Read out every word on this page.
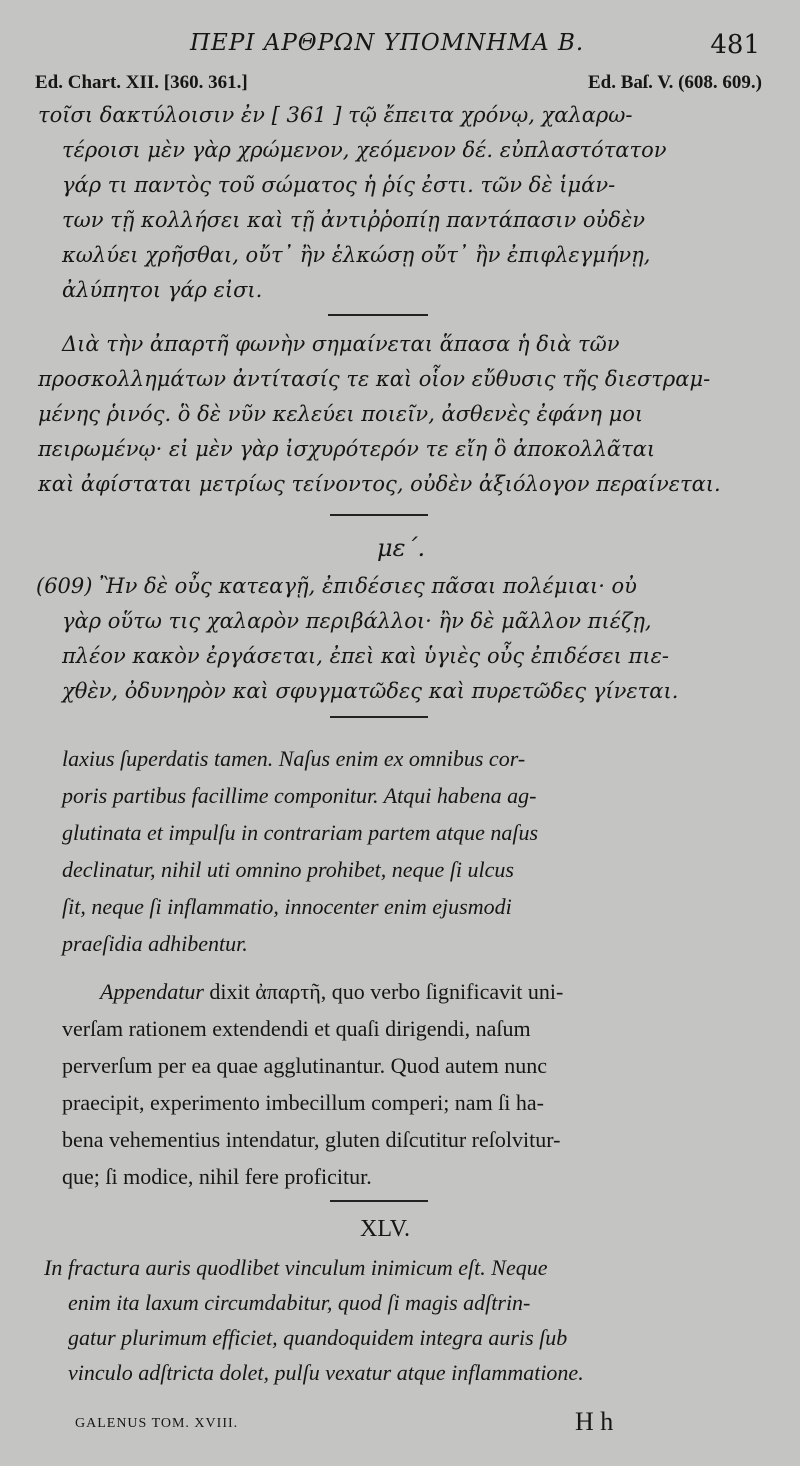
ΠΕΡΙ ΑΡΘΡΩΝ ΥΠΟΜΝΗΜΑ Β.	481
Ed. Chart. XII. [360. 361.]	Ed. Baſ. V. (608. 609.)
τοῖσι δακτύλοισιν ἐν [ 361 ] τῷ ἔπειτα χρόνῳ, χαλαρω-
τέροισι μὲν γὰρ χρώμενον, χεόμενον δέ. εὐπλαστότατον
γάρ τι παντὸς τοῦ σώματος ἡ ῥίς ἐστι. τῶν δὲ ἱμάν-
των τῇ κολλήσει καὶ τῇ ἀντιῤῥοπίῃ παντάπασιν οὐδὲν
κωλύει χρῆσθαι, οὔτ᾽ ἢν ἑλκώσῃ οὔτ᾽ ἢν ἐπιφλεγμήνῃ,
ἀλύπητοι γάρ εἰσι.
Διὰ τὴν ἀπαρτῆ φωνὴν σημαίνεται ἅπασα ἡ διὰ τῶν
προσκολλημάτων ἀντίτασίς τε καὶ οἷον εὔθυσις τῆς διεστραμ-
μένης ῥινός. ὃ δὲ νῦν κελεύει ποιεῖν, ἀσθενὲς ἐφάνη μοι
πειρωμένῳ· εἰ μὲν γὰρ ἰσχυρότερόν τε εἴη ὃ ἀποκολλᾶται
καὶ ἀφίσταται μετρίως τείνοντος, οὐδὲν ἀξιόλογον περαίνεται.
με΄.
(609) Ἢν δὲ οὖς κατεαγῇ, ἐπιδέσιες πᾶσαι πολέμιαι· οὐ
γὰρ οὕτω τις χαλαρὸν περιβάλλοι· ἢν δὲ μᾶλλον πιέζῃ,
πλέον κακὸν ἐργάσεται, ἐπεὶ καὶ ὑγιὲς οὖς ἐπιδέσει πιε-
χθὲν, ὀδυνηρὸν καὶ σφυγματῶδες καὶ πυρετῶδες γίνεται.
laxius ſuperdatis tamen. Naſus enim ex omnibus cor-
poris partibus facillime componitur. Atqui habena ag-
glutinata et impulſu in contrariam partem atque naſus
declinatur, nihil uti omnino prohibet, neque ſi ulcus
ſit, neque ſi inflammatio, innocenter enim ejusmodi
praeſidia adhibentur.
Appendatur dixit ἀπαρτῆ, quo verbo ſignificavit uni-
verſam rationem extendendi et quaſi dirigendi, naſum
perverſum per ea quae agglutinantur. Quod autem nunc
praecipit, experimento imbecillum comperi; nam ſi ha-
bena vehementius intendatur, gluten diſcutitur reſolvitur-
que; ſi modice, nihil fere proficitur.
XLV.
In fractura auris quodlibet vinculum inimicum eſt. Neque
enim ita laxum circumdabitur, quod ſi magis adſtrin-
gatur plurimum efficiet, quandoquidem integra auris ſub
vinculo adſtricta dolet, pulſu vexatur atque inflammatione.
GALENUS TOM. XVIII.	H h
